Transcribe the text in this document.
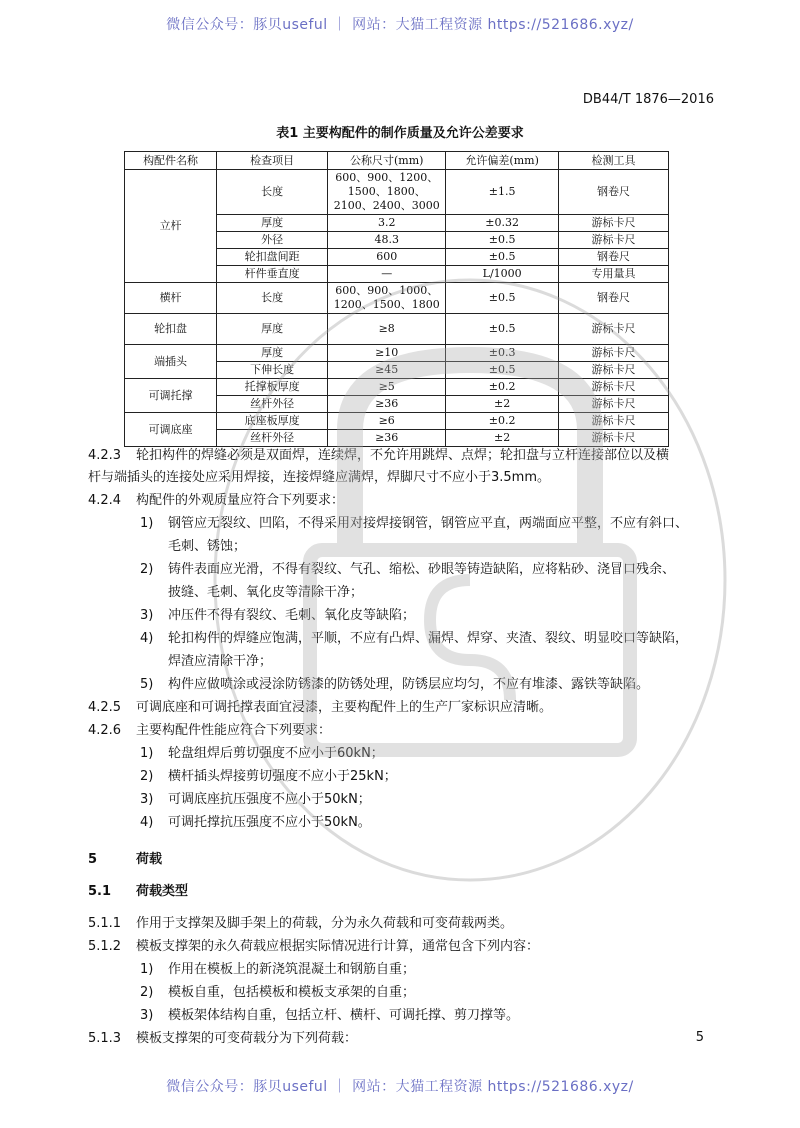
微信公众号：豚贝useful ｜ 网站：大猫工程资源 https://521686.xyz/
DB44/T 1876—2016
表1 主要构配件的制作质量及允许公差要求
构配件名称	检查项目	公称尺寸(mm)	允许偏差(mm)	检测工具
立杆	长度	600、900、1200、1500、1800、2100、2400、3000	±1.5	钢卷尺
	厚度	3.2	±0.32	游标卡尺
	外径	48.3	±0.5	游标卡尺
	轮扣盘间距	600	±0.5	钢卷尺
	杆件垂直度	—	L/1000	专用量具
横杆	长度	600、900、1000、1200、1500、1800	±0.5	钢卷尺
轮扣盘	厚度	≥8	±0.5	游标卡尺
端插头	厚度	≥10	±0.3	游标卡尺
	下伸长度	≥45	±0.5	游标卡尺
可调托撑	托撑板厚度	≥5	±0.2	游标卡尺
	丝杆外径	≥36	±2	游标卡尺
可调底座	底座板厚度	≥6	±0.2	游标卡尺
	丝杆外径	≥36	±2	游标卡尺
4.2.3 轮扣构件的焊缝必须是双面焊，连续焊，不允许用跳焊、点焊；轮扣盘与立杆连接部位以及横
杆与端插头的连接处应采用焊接，连接焊缝应满焊，焊脚尺寸不应小于3.5mm。
4.2.4 构配件的外观质量应符合下列要求：
1) 钢管应无裂纹、凹陷，不得采用对接焊接钢管，钢管应平直，两端面应平整，不应有斜口、
毛刺、锈蚀；
2) 铸件表面应光滑，不得有裂纹、气孔、缩松、砂眼等铸造缺陷，应将粘砂、浇冒口残余、
披缝、毛刺、氧化皮等清除干净；
3) 冲压件不得有裂纹、毛刺、氧化皮等缺陷；
4) 轮扣构件的焊缝应饱满，平顺，不应有凸焊、漏焊、焊穿、夹渣、裂纹、明显咬口等缺陷，
焊渣应清除干净；
5) 构件应做喷涂或浸涂防锈漆的防锈处理，防锈层应均匀，不应有堆漆、露铁等缺陷。
4.2.5 可调底座和可调托撑表面宜浸漆，主要构配件上的生产厂家标识应清晰。
4.2.6 主要构配件性能应符合下列要求：
1) 轮盘组焊后剪切强度不应小于60kN；
2) 横杆插头焊接剪切强度不应小于25kN；
3) 可调底座抗压强度不应小于50kN；
4) 可调托撑抗压强度不应小于50kN。
5	荷载
5.1 荷载类型
5.1.1 作用于支撑架及脚手架上的荷载，分为永久荷载和可变荷载两类。
5.1.2 模板支撑架的永久荷载应根据实际情况进行计算，通常包含下列内容：
1) 作用在模板上的新浇筑混凝土和钢筋自重；
2) 模板自重，包括模板和模板支承架的自重；
3) 模板架体结构自重，包括立杆、横杆、可调托撑、剪刀撑等。
5.1.3 模板支撑架的可变荷载分为下列荷载：	5
微信公众号：豚贝useful ｜ 网站：大猫工程资源 https://521686.xyz/
